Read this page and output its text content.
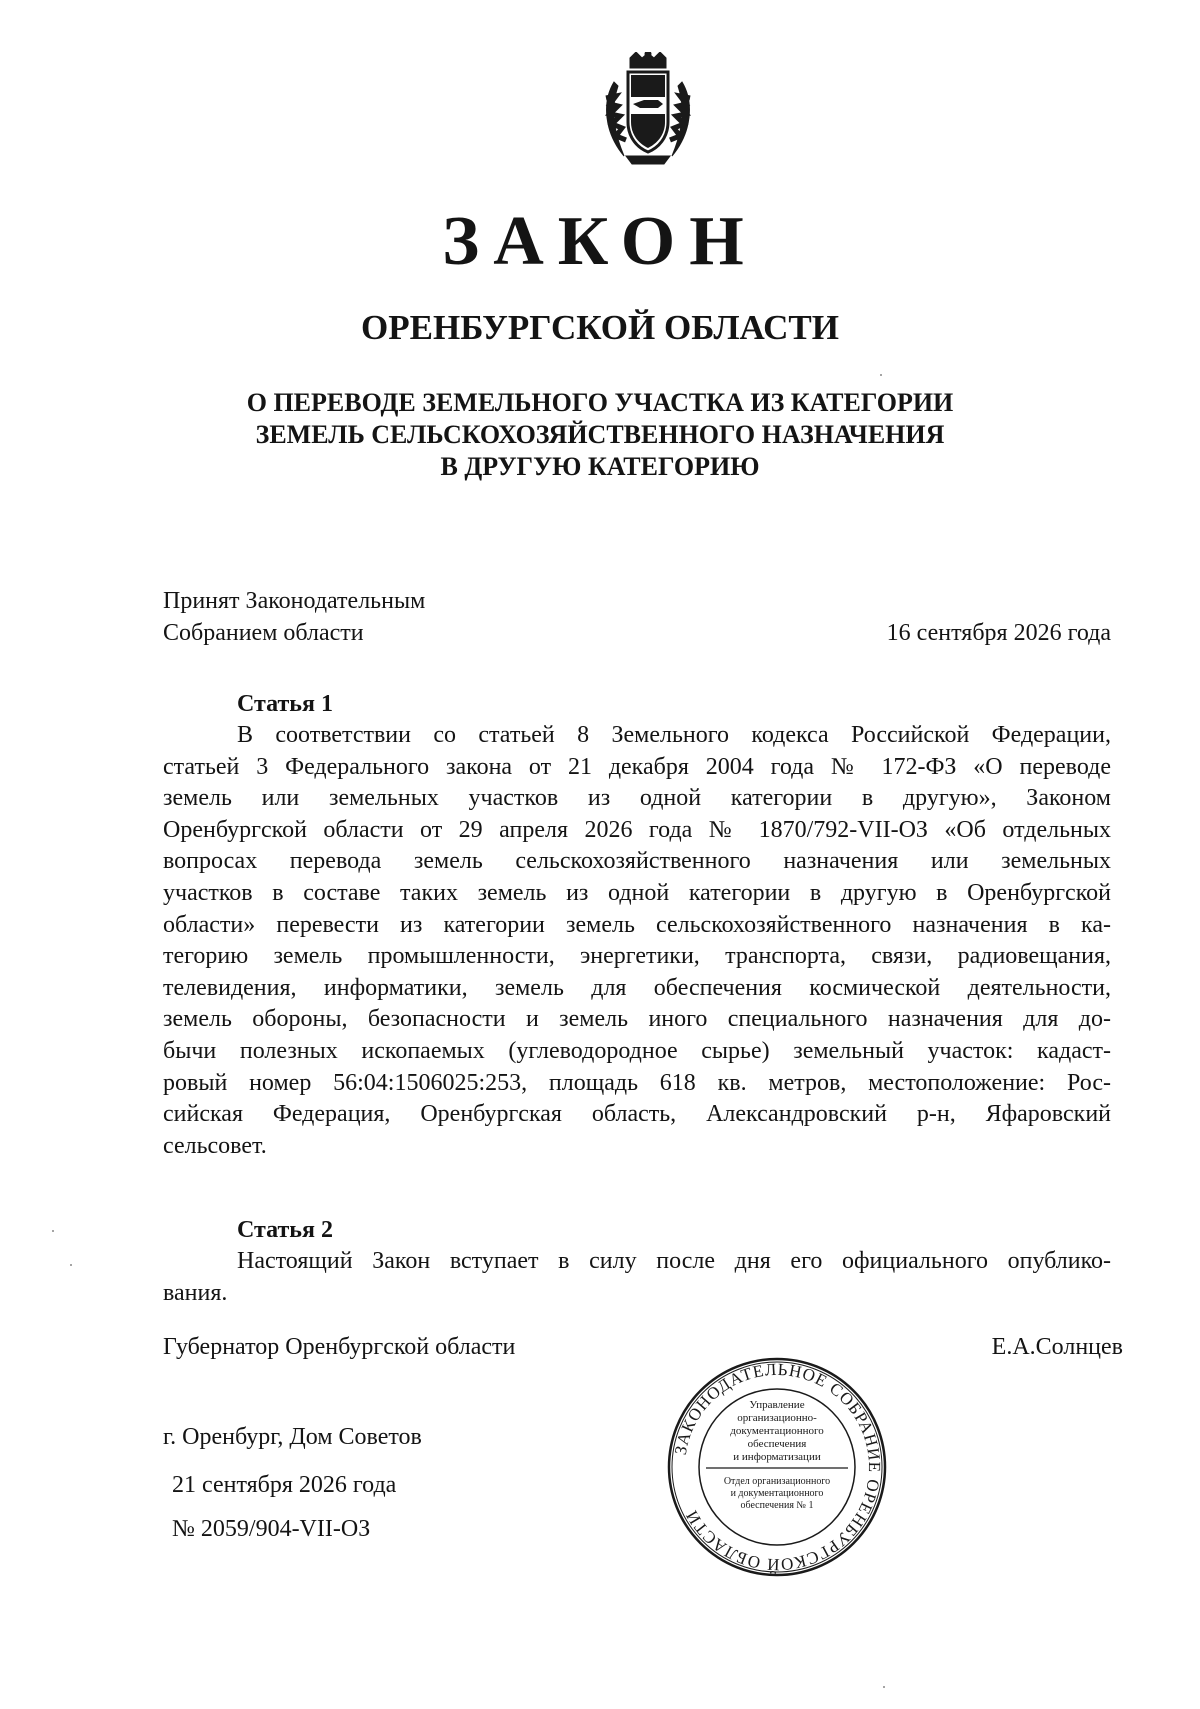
ЗАКОН
ОРЕНБУРГСКОЙ ОБЛАСТИ
О ПЕРЕВОДЕ ЗЕМЕЛЬНОГО УЧАСТКА ИЗ КАТЕГОРИИ
ЗЕМЕЛЬ СЕЛЬСКОХОЗЯЙСТВЕННОГО НАЗНАЧЕНИЯ
В ДРУГУЮ КАТЕГОРИЮ
Принят Законодательным
Собранием области	16 сентября 2026 года
Статья 1
В соответствии со статьей 8 Земельного кодекса Российской Федерации,
статьей 3 Федерального закона от 21 декабря 2004 года № 172-ФЗ «О переводе
земель или земельных участков из одной категории в другую», Законом
Оренбургской области от 29 апреля 2026 года № 1870/792-VII-ОЗ «Об отдельных
вопросах перевода земель сельскохозяйственного назначения или земельных
участков в составе таких земель из одной категории в другую в Оренбургской
области» перевести из категории земель сельскохозяйственного назначения в ка-
тегорию земель промышленности, энергетики, транспорта, связи, радиовещания,
телевидения, информатики, земель для обеспечения космической деятельности,
земель обороны, безопасности и земель иного специального назначения для до-
бычи полезных ископаемых (углеводородное сырье) земельный участок: кадаст-
ровый номер 56:04:1506025:253, площадь 618 кв. метров, местоположение: Рос-
сийская Федерация, Оренбургская область, Александровский р-н, Яфаровский
сельсовет.
Статья 2
Настоящий Закон вступает в силу после дня его официального опублико-
вания.
Губернатор Оренбургской области	Е.А.Солнцев
г. Оренбург, Дом Советов
21 сентября 2026 года
№ 2059/904-VII-ОЗ
ЗАКОНОДАТЕЛЬНОЕ СОБРАНИЕ ОРЕНБУРГСКОЙ ОБЛАСТИ
Управление
организационно-
документационного
обеспечения
и информатизации
Отдел организационного
и документационного
обеспечения № 1
